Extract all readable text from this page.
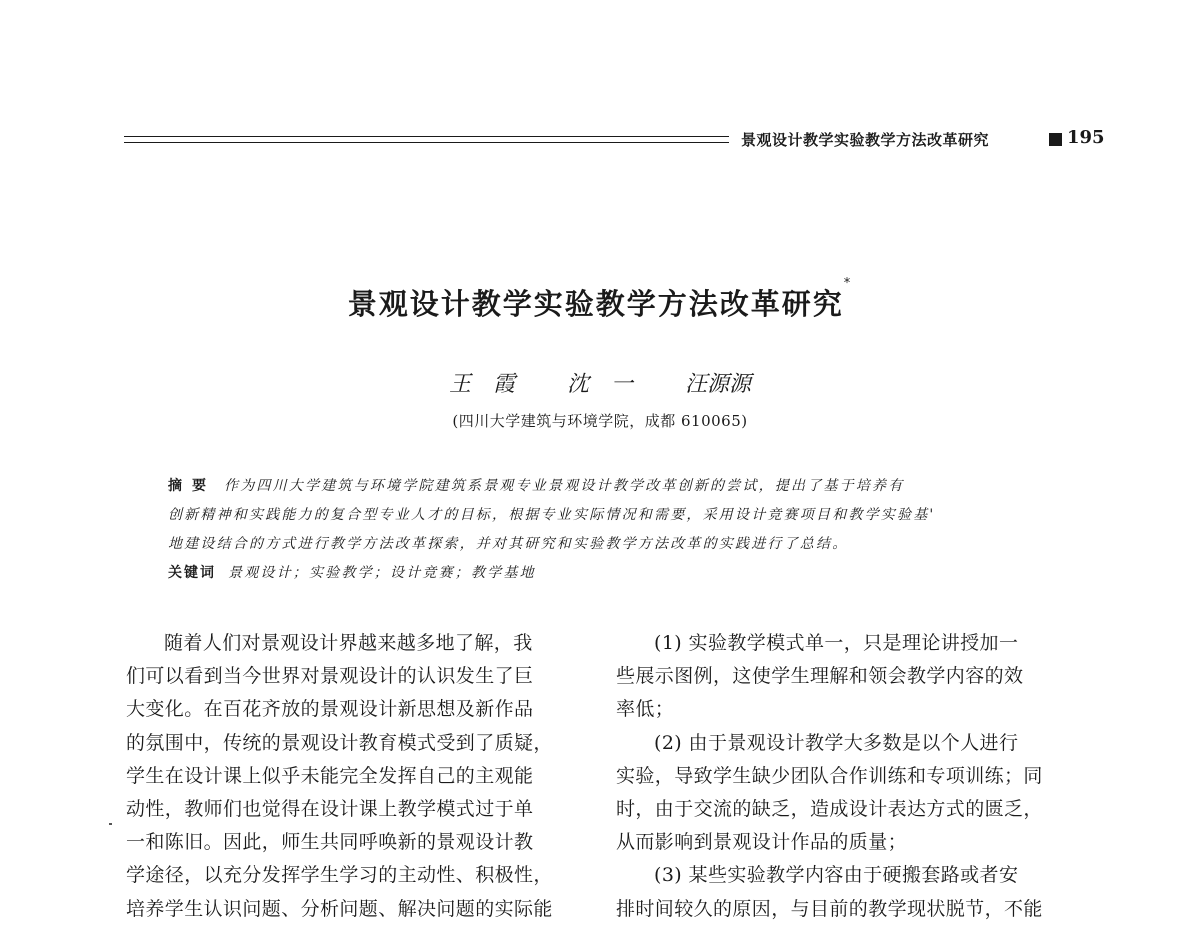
景观设计教学实验教学方法改革研究	195
景观设计教学实验教学方法改革研究*
王　霞 沈　一 汪源源
(四川大学建筑与环境学院，成都 610065)
摘要 作为四川大学建筑与环境学院建筑系景观专业景观设计教学改革创新的尝试，提出了基于培养有
创新精神和实践能力的复合型专业人才的目标，根据专业实际情况和需要，采用设计竞赛项目和教学实验基'
地建设结合的方式进行教学方法改革探索，并对其研究和实验教学方法改革的实践进行了总结。
关键词 景观设计；实验教学；设计竞赛；教学基地
随着人们对景观设计界越来越多地了解，我
们可以看到当今世界对景观设计的认识发生了巨
大变化。在百花齐放的景观设计新思想及新作品
的氛围中，传统的景观设计教育模式受到了质疑，
学生在设计课上似乎未能完全发挥自己的主观能
动性，教师们也觉得在设计课上教学模式过于单
一和陈旧。因此，师生共同呼唤新的景观设计教
学途径，以充分发挥学生学习的主动性、积极性，
培养学生认识问题、分析问题、解决问题的实际能
(1) 实验教学模式单一，只是理论讲授加一
些展示图例，这使学生理解和领会教学内容的效
率低；
(2) 由于景观设计教学大多数是以个人进行
实验，导致学生缺少团队合作训练和专项训练；同
时，由于交流的缺乏，造成设计表达方式的匮乏，
从而影响到景观设计作品的质量；
(3) 某些实验教学内容由于硬搬套路或者安
排时间较久的原因，与目前的教学现状脱节，不能
